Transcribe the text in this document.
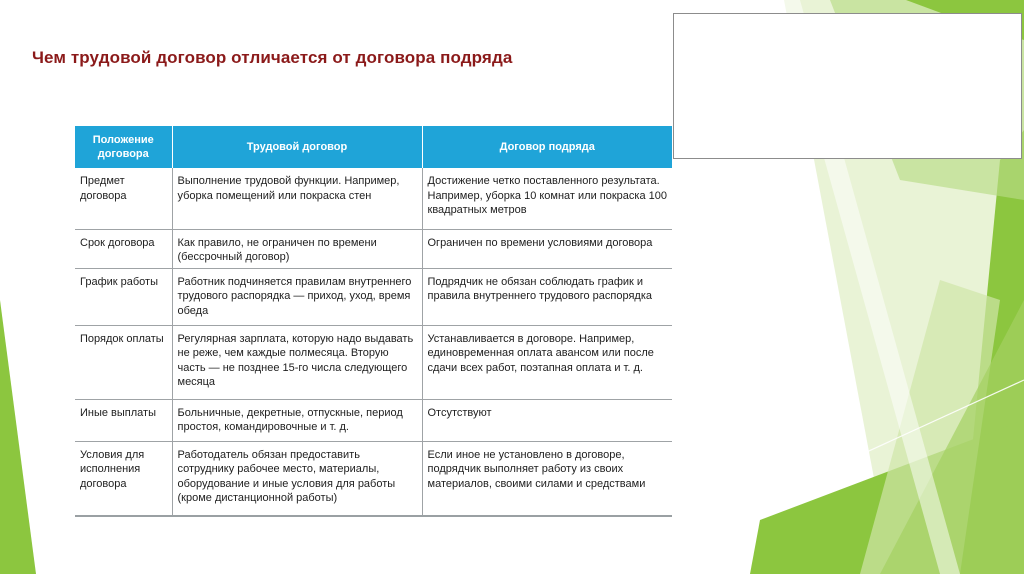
Чем трудовой договор отличается от договора подряда
Положение договора	Трудовой договор	Договор подряда
Предмет договора	Выполнение трудовой функции. Например, уборка помещений или покраска стен	Достижение четко поставленного результата. Например, уборка 10 комнат или покраска 100 квадратных метров
Срок договора	Как правило, не ограничен по времени (бессрочный договор)	Ограничен по времени условиями договора
График работы	Работник подчиняется правилам внутреннего трудового распорядка — приход, уход, время обеда	Подрядчик не обязан соблюдать график и правила внутреннего трудового распорядка
Порядок оплаты	Регулярная зарплата, которую надо выдавать не реже, чем каждые полмесяца. Вторую часть — не позднее 15-го числа следующего месяца	Устанавливается в договоре. Например, единовременная оплата авансом или после сдачи всех работ, поэтапная оплата и т. д.
Иные выплаты	Больничные, декретные, отпускные, период простоя, командировочные и т. д.	Отсутствуют
Условия для исполнения договора	Работодатель обязан предоставить сотруднику рабочее место, материалы, оборудование и иные условия для работы (кроме дистанционной работы)	Если иное не установлено в договоре, подрядчик выполняет работу из своих материалов, своими силами и средствами
